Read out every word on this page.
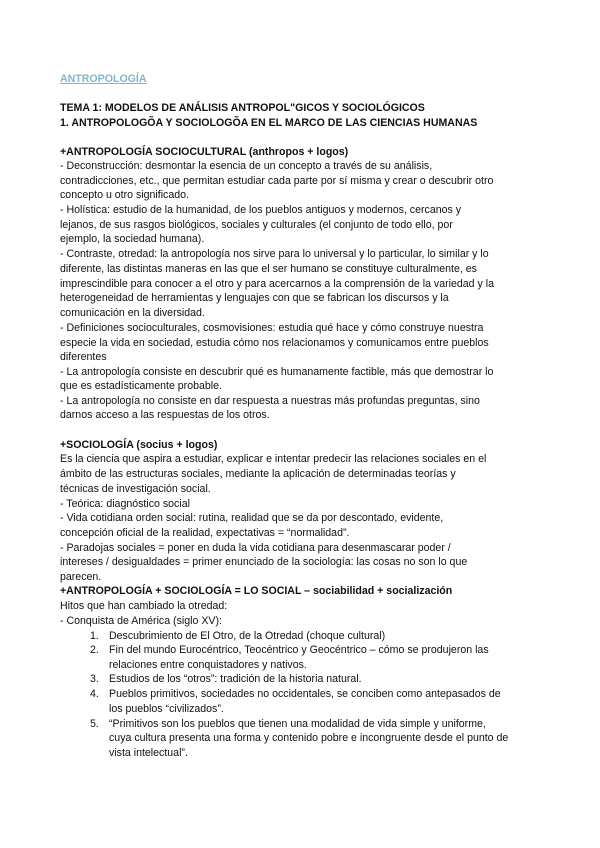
ANTROPOLOGÍA

TEMA 1: MODELOS DE ANÁLISIS ANTROPOL"GICOS Y SOCIOLÓGICOS

1. ANTROPOLOGÕA Y SOCIOLOGÕA EN EL MARCO DE LAS CIENCIAS HUMANAS

+ANTROPOLOGÍA SOCIOCULTURAL (anthropos + logos)

- Deconstrucción: desmontar la esencia de un concepto a través de su análisis,

contradicciones, etc., que permitan estudiar cada parte por sí misma y crear o descubrir otro

concepto u otro significado.

- Holística: estudio de la humanidad, de los pueblos antiguos y modernos, cercanos y

lejanos, de sus rasgos biológicos, sociales y culturales (el conjunto de todo ello, por

ejemplo, la sociedad humana).

- Contraste, otredad: la antropología nos sirve para lo universal y lo particular, lo similar y lo

diferente, las distintas maneras en las que el ser humano se constituye culturalmente, es

imprescindible para conocer a el otro y para acercarnos a la comprensión de la variedad y la

heterogeneidad de herramientas y lenguajes con que se fabrican los discursos y la

comunicación en la diversidad.

- Definiciones socioculturales, cosmovisiones: estudia qué hace y cómo construye nuestra

especie la vida en sociedad, estudia cómo nos relacionamos y comunicamos entre pueblos

diferentes

- La antropología consiste en descubrir qué es humanamente factible, más que demostrar lo

que es estadísticamente probable.

- La antropología no consiste en dar respuesta a nuestras más profundas preguntas, sino

darnos acceso a las respuestas de los otros.

+SOCIOLOGÍA (socius + logos)

Es la ciencia que aspira a estudiar, explicar e intentar predecir las relaciones sociales en el

ámbito de las estructuras sociales, mediante la aplicación de determinadas teorías y

técnicas de investigación social.

- Teórica: diagnóstico social

- Vida cotidiana orden social: rutina, realidad que se da por descontado, evidente,

concepción oficial de la realidad, expectativas = “normalidad”.

- Paradojas sociales = poner en duda la vida cotidiana para desenmascarar poder /

intereses / desigualdades = primer enunciado de la sociología: las cosas no son lo que

parecen.

+ANTROPOLOGÍA + SOCIOLOGÍA = LO SOCIAL – sociabilidad + socialización

Hitos que han cambiado la otredad:

- Conquista de América (siglo XV):

1. Descubrimiento de El Otro, de la Otredad (choque cultural)

2. Fin del mundo Eurocéntrico, Teocéntrico y Geocéntrico – cómo se produjeron las

relaciones entre conquistadores y nativos.

3. Estudios de los “otros”: tradición de la historia natural.

4. Pueblos primitivos, sociedades no occidentales, se conciben como antepasados de

los pueblos “civilizados”.

5. “Primitivos son los pueblos que tienen una modalidad de vida simple y uniforme,

cuya cultura presenta una forma y contenido pobre e incongruente desde el punto de

vista intelectual”.
